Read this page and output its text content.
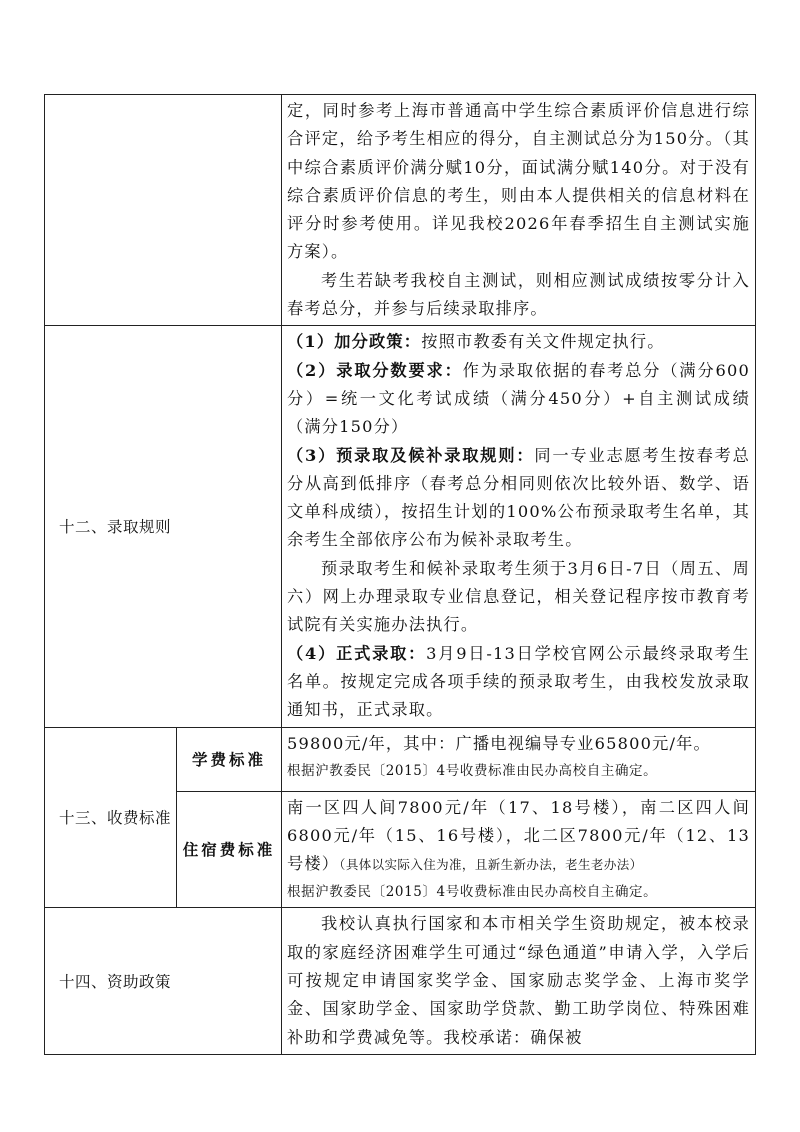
		定，同时参考上海市普通高中学生综合素质评价信息进行综合评定，给予考生相应的得分，自主测试总分为150分。（其中综合素质评价满分赋10分，面试满分赋140分。对于没有综合素质评价信息的考生，则由本人提供相关的信息材料在评分时参考使用。详见我校2026年春季招生自主测试实施方案）。

考生若缺考我校自主测试，则相应测试成绩按零分计入春考总分，并参与后续录取排序。

十二、录取规则		（1）加分政策：按照市教委有关文件规定执行。

（2）录取分数要求：作为录取依据的春考总分（满分600分）=统一文化考试成绩（满分450分）+自主测试成绩（满分150分）

（3）预录取及候补录取规则：同一专业志愿考生按春考总分从高到低排序（春考总分相同则依次比较外语、数学、语文单科成绩），按招生计划的100%公布预录取考生名单，其余考生全部依序公布为候补录取考生。

预录取考生和候补录取考生须于3月6日-7日（周五、周六）网上办理录取专业信息登记，相关登记程序按市教育考试院有关实施办法执行。

（4）正式录取：3月9日-13日学校官网公示最终录取考生名单。按规定完成各项手续的预录取考生，由我校发放录取通知书，正式录取。

十三、收费标准	学费标准	59800元/年，其中：广播电视编导专业65800元/年。

根据沪教委民〔2015〕4号收费标准由民办高校自主确定。

	住宿费标准	南一区四人间7800元/年（17、18号楼），南二区四人间6800元/年（15、16号楼），北二区7800元/年（12、13号楼）（具体以实际入住为准，且新生新办法，老生老办法）

根据沪教委民〔2015〕4号收费标准由民办高校自主确定。

十四、资助政策		我校认真执行国家和本市相关学生资助规定，被本校录取的家庭经济困难学生可通过“绿色通道”申请入学，入学后可按规定申请国家奖学金、国家励志奖学金、上海市奖学金、国家助学金、国家助学贷款、勤工助学岗位、特殊困难补助和学费减免等。我校承诺：确保被
